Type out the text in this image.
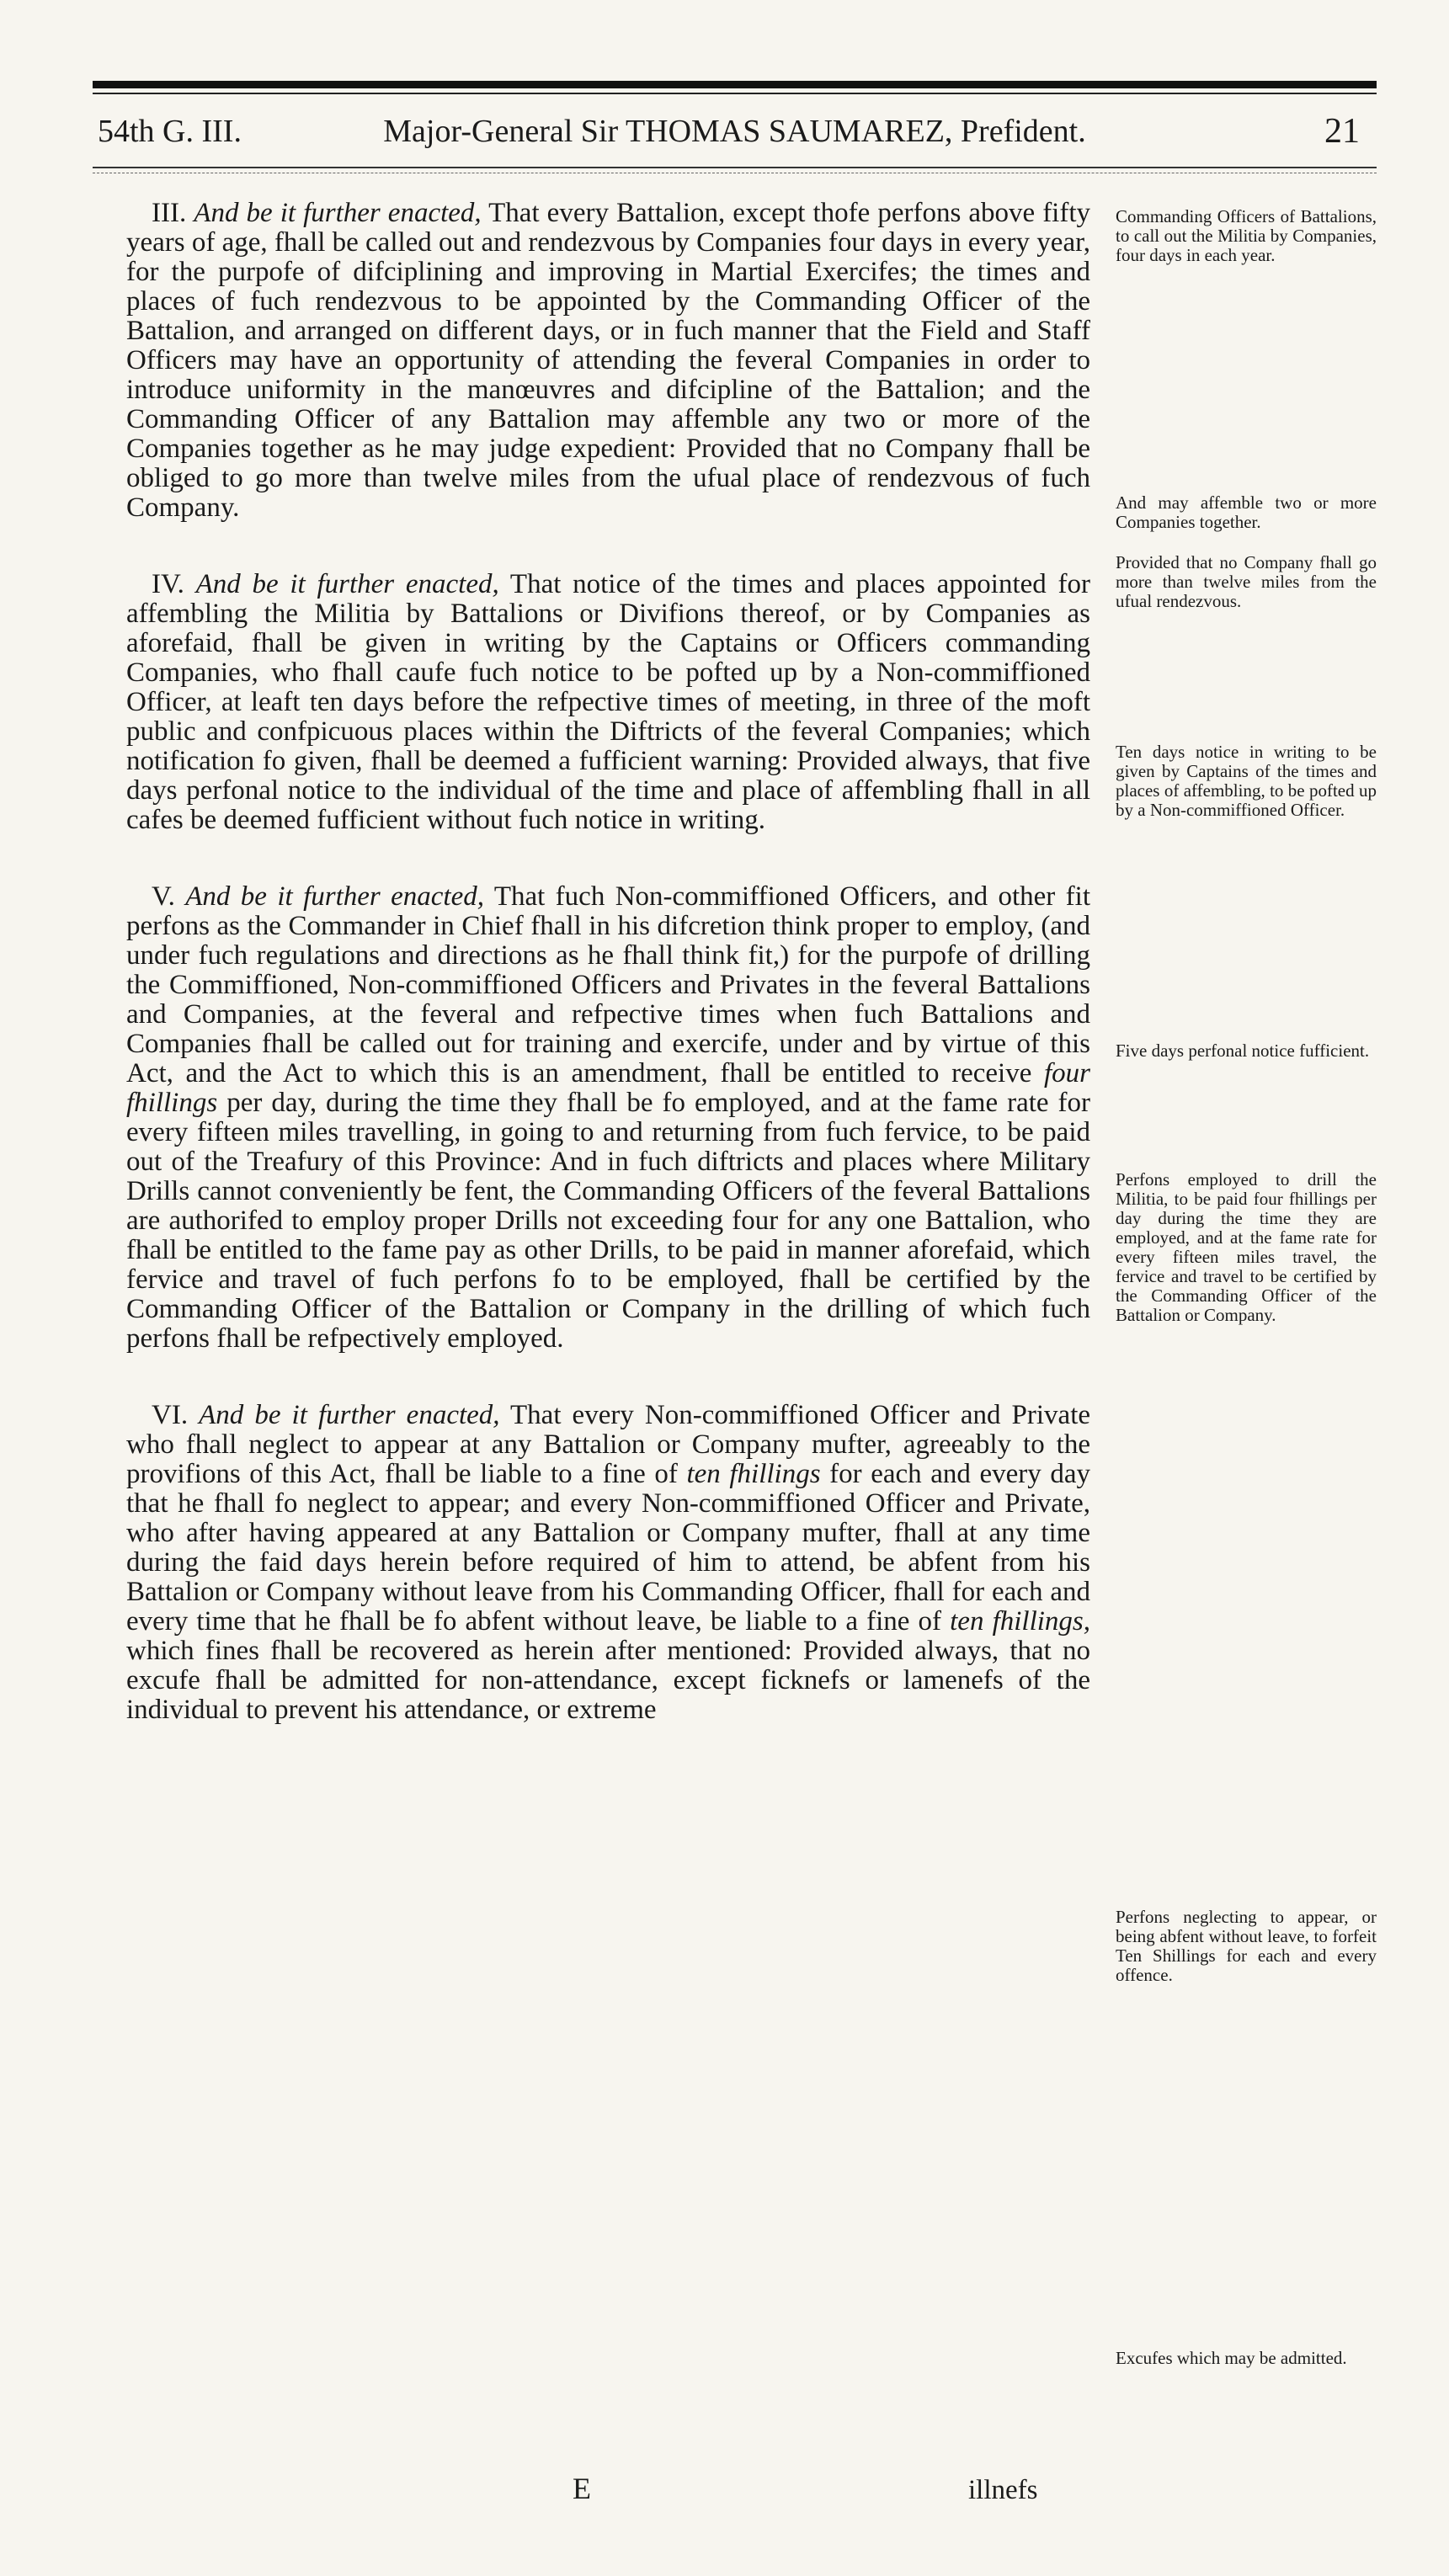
54th G. III.	Major-General Sir THOMAS SAUMAREZ, Prefident.	21

III. And be it further enacted, That every Battalion, except thofe perfons above fifty years of age, fhall be called out and rendezvous by Companies four days in every year, for the purpofe of difciplining and improving in Martial Exercifes; the times and places of fuch rendezvous to be appointed by the Commanding Officer of the Battalion, and arranged on different days, or in fuch manner that the Field and Staff Officers may have an opportunity of attending the feveral Companies in order to introduce uniformity in the manœuvres and difcipline of the Battalion; and the Commanding Officer of any Battalion may affemble any two or more of the Companies together as he may judge expedient: Provided that no Company fhall be obliged to go more than twelve miles from the ufual place of rendezvous of fuch Company.

IV. And be it further enacted, That notice of the times and places appointed for affembling the Militia by Battalions or Divifions thereof, or by Companies as aforefaid, fhall be given in writing by the Captains or Officers commanding Companies, who fhall caufe fuch notice to be pofted up by a Non-commiffioned Officer, at leaft ten days before the refpective times of meeting, in three of the moft public and confpicuous places within the Diftricts of the feveral Companies; which notification fo given, fhall be deemed a fufficient warning: Provided always, that five days perfonal notice to the individual of the time and place of affembling fhall in all cafes be deemed fufficient without fuch notice in writing.

V. And be it further enacted, That fuch Non-commiffioned Officers, and other fit perfons as the Commander in Chief fhall in his difcretion think proper to employ, (and under fuch regulations and directions as he fhall think fit,) for the purpofe of drilling the Commiffioned, Non-commiffioned Officers and Privates in the feveral Battalions and Companies, at the feveral and refpective times when fuch Battalions and Companies fhall be called out for training and exercife, under and by virtue of this Act, and the Act to which this is an amendment, fhall be entitled to receive four fhillings per day, during the time they fhall be fo employed, and at the fame rate for every fifteen miles travelling, in going to and returning from fuch fervice, to be paid out of the Treafury of this Province: And in fuch diftricts and places where Military Drills cannot conveniently be fent, the Commanding Officers of the feveral Battalions are authorifed to employ proper Drills not exceeding four for any one Battalion, who fhall be entitled to the fame pay as other Drills, to be paid in manner aforefaid, which fervice and travel of fuch perfons fo to be employed, fhall be certified by the Commanding Officer of the Battalion or Company in the drilling of which fuch perfons fhall be refpectively employed.

VI. And be it further enacted, That every Non-commiffioned Officer and Private who fhall neglect to appear at any Battalion or Company mufter, agreeably to the provifions of this Act, fhall be liable to a fine of ten fhillings for each and every day that he fhall fo neglect to appear; and every Non-commiffioned Officer and Private, who after having appeared at any Battalion or Company mufter, fhall at any time during the faid days herein before required of him to attend, be abfent from his Battalion or Company without leave from his Commanding Officer, fhall for each and every time that he fhall be fo abfent without leave, be liable to a fine of ten fhillings, which fines fhall be recovered as herein after mentioned: Provided always, that no excufe fhall be admitted for non-attendance, except ficknefs or lamenefs of the individual to prevent his attendance, or extreme

E	illnefs
Commanding Officers of Battalions, to call out the Militia by Companies, four days in each year.
And may affemble two or more Companies together.
Provided that no Company fhall go more than twelve miles from the ufual rendezvous.
Ten days notice in writing to be given by Captains of the times and places of affembling, to be pofted up by a Non-commiffioned Officer.
Five days perfonal notice fufficient.
Perfons employed to drill the Militia, to be paid four fhillings per day during the time they are employed, and at the fame rate for every fifteen miles travel, the fervice and travel to be certified by the Commanding Officer of the Battalion or Company.
Perfons neglecting to appear, or being abfent without leave, to forfeit Ten Shillings for each and every offence.
Excufes which may be admitted.
